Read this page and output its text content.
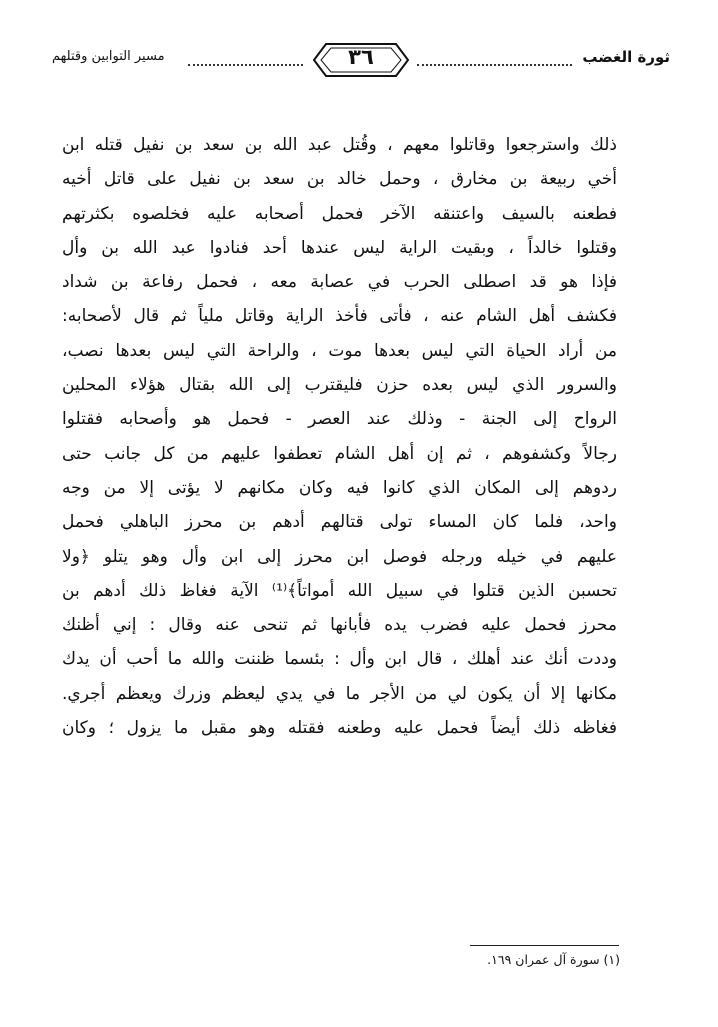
ثورة الغضب
٣٦
مسير التوابين وقتلهم
ذلك واسترجعوا وقاتلوا معهم ، وقُتل عبد الله بن سعد بن نفيل قتله ابن
أخي ربيعة بن مخارق ، وحمل خالد بن سعد بن نفيل على قاتل أخيه
فطعنه بالسيف واعتنقه الآخر فحمل أصحابه عليه فخلصوه بكثرتهم
وقتلوا خالداً ، وبقيت الراية ليس عندها أحد فنادوا عبد الله بن وأل
فإذا هو قد اصطلى الحرب في عصابة معه ، فحمل رفاعة بن شداد
فكشف أهل الشام عنه ، فأتى فأخذ الراية وقاتل ملياً ثم قال لأصحابه:
من أراد الحياة التي ليس بعدها موت ، والراحة التي ليس بعدها نصب،
والسرور الذي ليس بعده حزن فليقترب إلى الله بقتال هؤلاء المحلين
الرواح إلى الجنة - وذلك عند العصر - فحمل هو وأصحابه فقتلوا
رجالاً وكشفوهم ، ثم إن أهل الشام تعطفوا عليهم من كل جانب حتى
ردوهم إلى المكان الذي كانوا فيه وكان مكانهم لا يؤتى إلا من وجه
واحد، فلما كان المساء تولى قتالهم أدهم بن محرز الباهلي فحمل
عليهم في خيله ورجله فوصل ابن محرز إلى ابن وأل وهو يتلو ﴿ولا
تحسبن الذين قتلوا في سبيل الله أمواتاً﴾⁽¹⁾ الآية فغاظ ذلك أدهم بن
محرز فحمل عليه فضرب يده فأبانها ثم تنحى عنه وقال : إني أظنك
وددت أنك عند أهلك ، قال ابن وأل : بئسما ظننت والله ما أحب أن يدك
مكانها إلا أن يكون لي من الأجر ما في يدي ليعظم وزرك ويعظم أجري.
فغاظه ذلك أيضاً فحمل عليه وطعنه فقتله وهو مقبل ما يزول ؛ وكان
(١) سورة آل عمران ١٦٩.
